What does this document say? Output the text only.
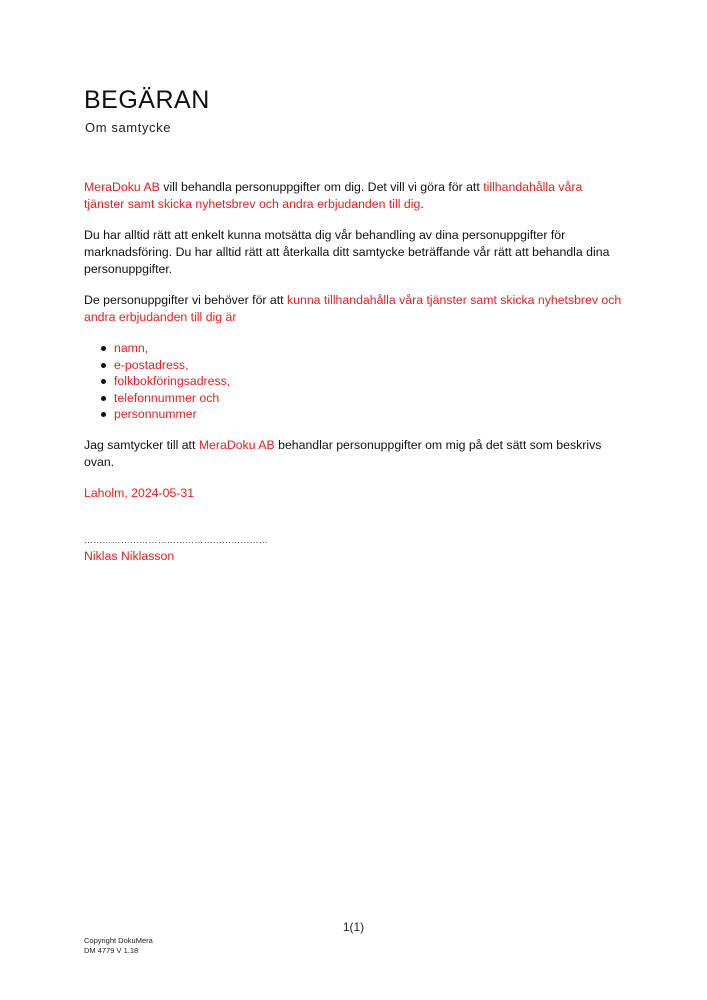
BEGÄRAN
Om samtycke

MeraDoku AB vill behandla personuppgifter om dig. Det vill vi göra för att tillhandahålla våra tjänster samt skicka nyhetsbrev och andra erbjudanden till dig.

Du har alltid rätt att enkelt kunna motsätta dig vår behandling av dina personuppgifter för marknadsföring. Du har alltid rätt att återkalla ditt samtycke beträffande vår rätt att behandla dina personuppgifter.

De personuppgifter vi behöver för att kunna tillhandahålla våra tjänster samt skicka nyhetsbrev och andra erbjudanden till dig är

namn,
e-postadress,
folkbokföringsadress,
telefonnummer och
personnummer

Jag samtycker till att MeraDoku AB behandlar personuppgifter om mig på det sätt som beskrivs ovan.

Laholm, 2024-05-31
……………………………………………………
Niklas Niklasson
1(1)
Copyright DokuMera
DM 4779 V 1.18
